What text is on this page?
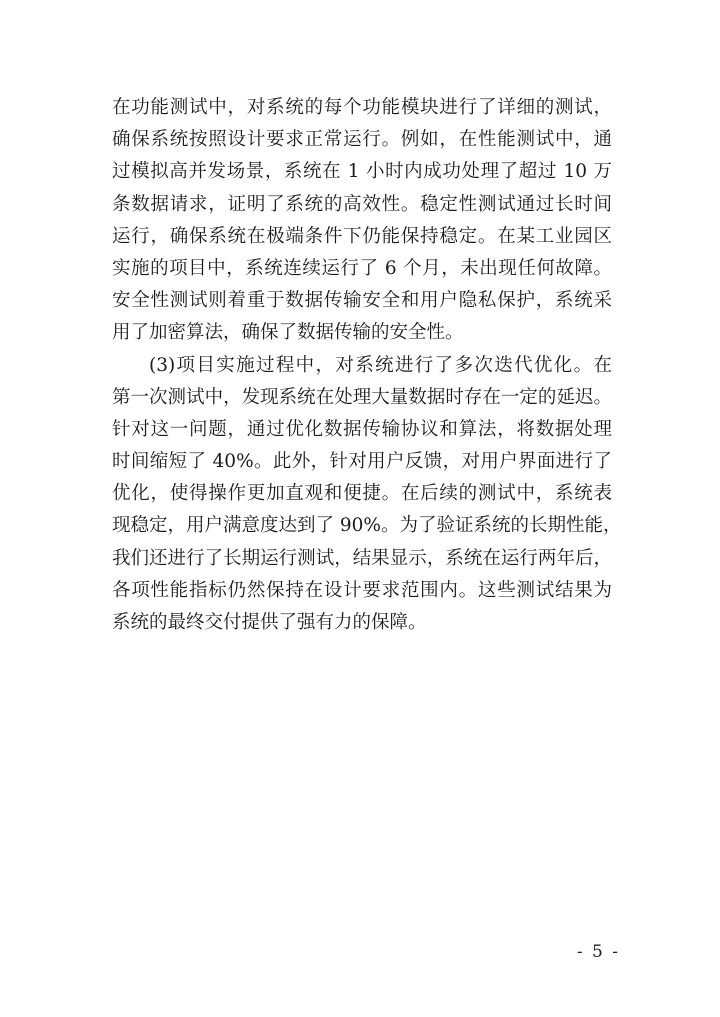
在功能测试中，对系统的每个功能模块进行了详细的测试，
确保系统按照设计要求正常运行。例如，在性能测试中，通
过模拟高并发场景，系统在 1 小时内成功处理了超过 10 万
条数据请求，证明了系统的高效性。稳定性测试通过长时间
运行，确保系统在极端条件下仍能保持稳定。在某工业园区
实施的项目中，系统连续运行了 6 个月，未出现任何故障。
安全性测试则着重于数据传输安全和用户隐私保护，系统采
用了加密算法，确保了数据传输的安全性。
(3)项目实施过程中，对系统进行了多次迭代优化。在
第一次测试中，发现系统在处理大量数据时存在一定的延迟。
针对这一问题，通过优化数据传输协议和算法，将数据处理
时间缩短了 40%。此外，针对用户反馈，对用户界面进行了
优化，使得操作更加直观和便捷。在后续的测试中，系统表
现稳定，用户满意度达到了 90%。为了验证系统的长期性能，
我们还进行了长期运行测试，结果显示，系统在运行两年后，
各项性能指标仍然保持在设计要求范围内。这些测试结果为
系统的最终交付提供了强有力的保障。
- 5 -
